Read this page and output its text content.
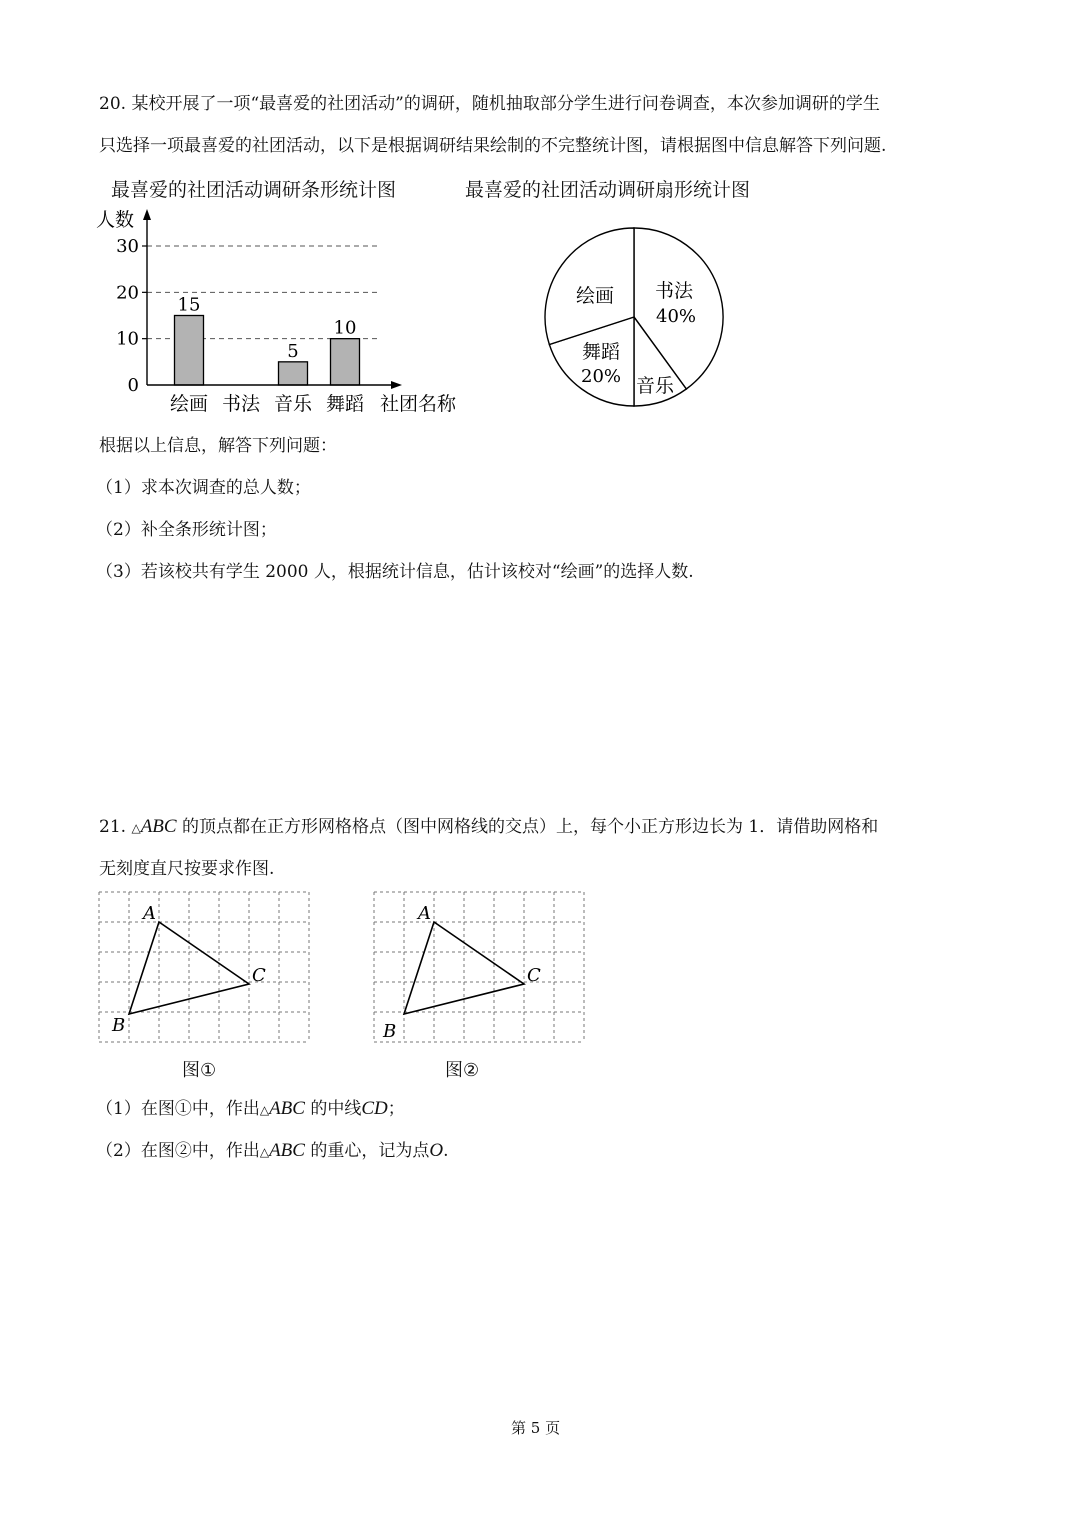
20. 某校开展了一项“最喜爱的社团活动”的调研，随机抽取部分学生进行问卷调查，本次参加调研的学生
只选择一项最喜爱的社团活动，以下是根据调研结果绘制的不完整统计图，请根据图中信息解答下列问题.
最喜爱的社团活动调研条形统计图	最喜爱的社团活动调研扇形统计图
人数
0
10
20
30
15
5
10
绘画 书法 音乐 舞蹈 社团名称
书法
40%
绘画
舞蹈
20% 音乐
根据以上信息，解答下列问题：
（1）求本次调查的总人数；
（2）补全条形统计图；
（3）若该校共有学生 2000 人，根据统计信息，估计该校对“绘画”的选择人数.
21. △ABC 的顶点都在正方形网格格点（图中网格线的交点）上，每个小正方形边长为 1．请借助网格和
无刻度直尺按要求作图.
A
B
C
A
B
C
图①	图②
（1）在图①中，作出△ABC 的中线CD；
（2）在图②中，作出△ABC 的重心，记为点O.
第 5 页
